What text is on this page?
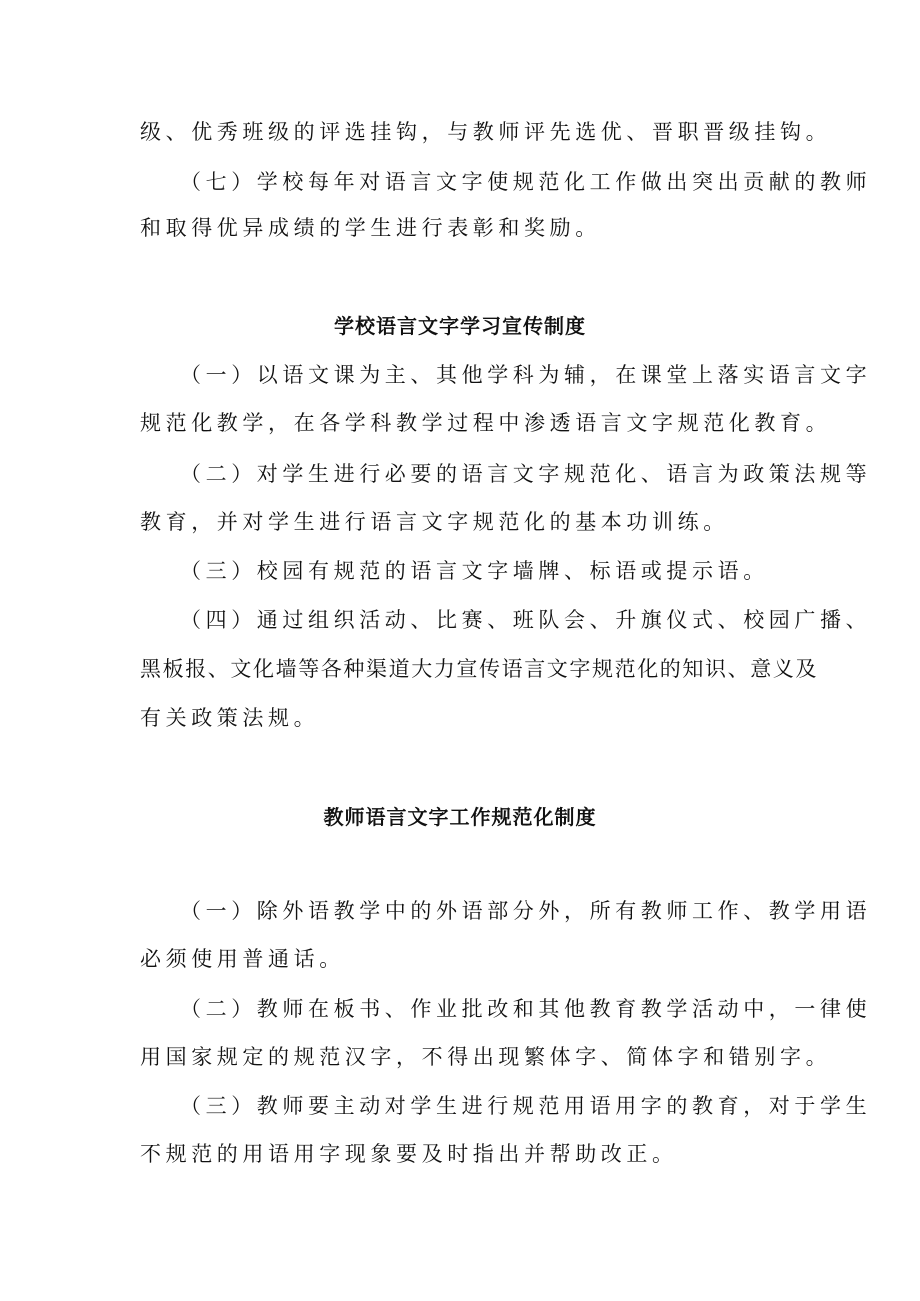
级、优秀班级的评选挂钩，与教师评先选优、晋职晋级挂钩。
（七）学校每年对语言文字使规范化工作做出突出贡献的教师
和取得优异成绩的学生进行表彰和奖励。
学校语言文字学习宣传制度
（一）以语文课为主、其他学科为辅，在课堂上落实语言文字
规范化教学，在各学科教学过程中渗透语言文字规范化教育。
（二）对学生进行必要的语言文字规范化、语言为政策法规等
教育，并对学生进行语言文字规范化的基本功训练。
（三）校园有规范的语言文字墙牌、标语或提示语。
（四）通过组织活动、比赛、班队会、升旗仪式、校园广播、
黑板报、文化墙等各种渠道大力宣传语言文字规范化的知识、意义及
有关政策法规。
教师语言文字工作规范化制度
（一）除外语教学中的外语部分外，所有教师工作、教学用语
必须使用普通话。
（二）教师在板书、作业批改和其他教育教学活动中，一律使
用国家规定的规范汉字，不得出现繁体字、简体字和错别字。
（三）教师要主动对学生进行规范用语用字的教育，对于学生
不规范的用语用字现象要及时指出并帮助改正。
